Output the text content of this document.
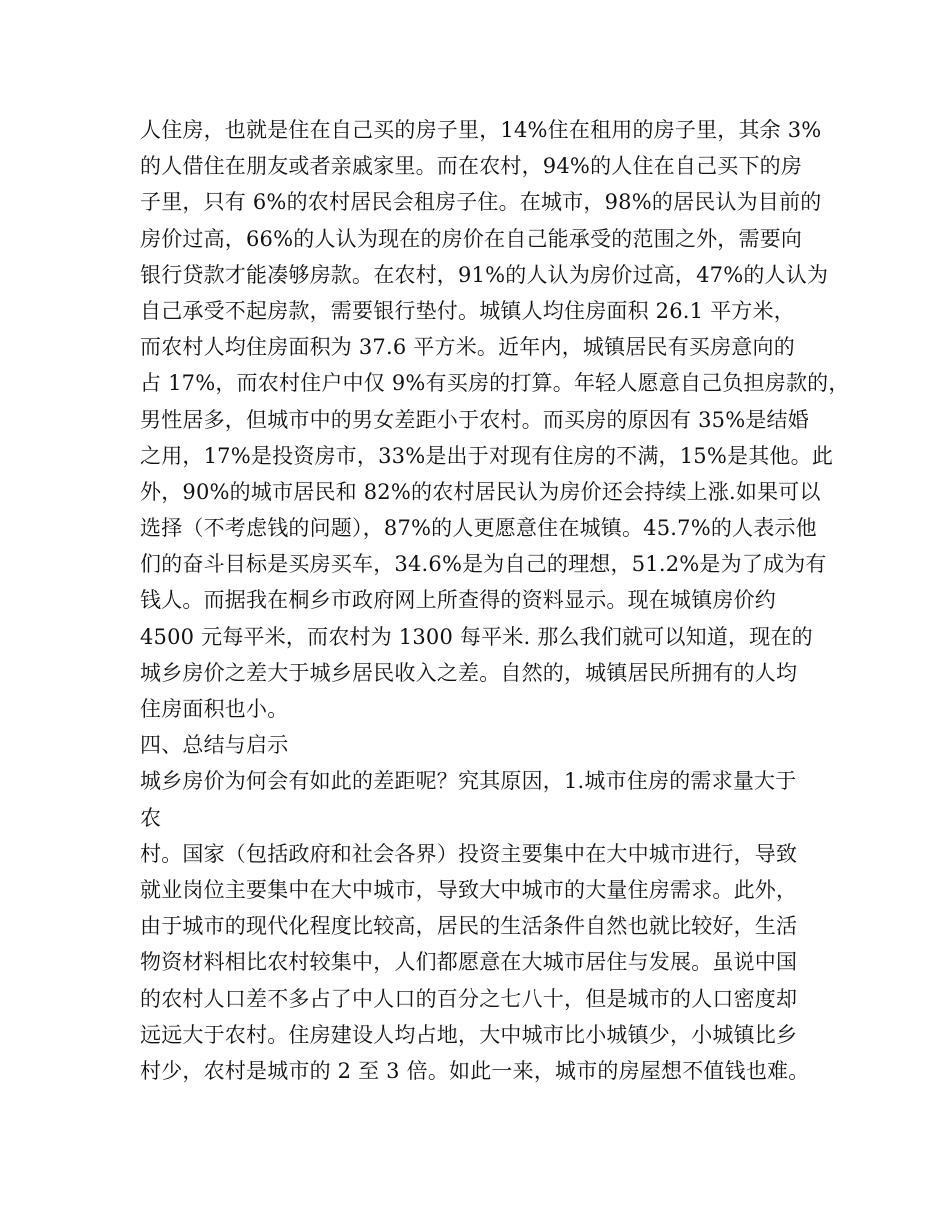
人住房，也就是住在自己买的房子里，14%住在租用的房子里，其余 3%
的人借住在朋友或者亲戚家里。而在农村，94%的人住在自己买下的房
子里，只有 6%的农村居民会租房子住。在城市，98%的居民认为目前的
房价过高，66%的人认为现在的房价在自己能承受的范围之外，需要向
银行贷款才能凑够房款。在农村，91%的人认为房价过高，47%的人认为
自己承受不起房款，需要银行垫付。城镇人均住房面积 26.1 平方米，
而农村人均住房面积为 37.6 平方米。近年内，城镇居民有买房意向的
占 17%，而农村住户中仅 9%有买房的打算。年轻人愿意自己负担房款的，
男性居多，但城市中的男女差距小于农村。而买房的原因有 35%是结婚
之用，17%是投资房市，33%是出于对现有住房的不满，15%是其他。此
外，90%的城市居民和 82%的农村居民认为房价还会持续上涨.如果可以
选择（不考虑钱的问题），87%的人更愿意住在城镇。45.7%的人表示他
们的奋斗目标是买房买车，34.6%是为自己的理想，51.2%是为了成为有
钱人。而据我在桐乡市政府网上所查得的资料显示。现在城镇房价约
4500 元每平米，而农村为 1300 每平米. 那么我们就可以知道，现在的
城乡房价之差大于城乡居民收入之差。自然的，城镇居民所拥有的人均
住房面积也小。
四、总结与启示
城乡房价为何会有如此的差距呢？究其原因，1.城市住房的需求量大于
农
村。国家（包括政府和社会各界）投资主要集中在大中城市进行，导致
就业岗位主要集中在大中城市，导致大中城市的大量住房需求。此外，
由于城市的现代化程度比较高，居民的生活条件自然也就比较好，生活
物资材料相比农村较集中，人们都愿意在大城市居住与发展。虽说中国
的农村人口差不多占了中人口的百分之七八十，但是城市的人口密度却
远远大于农村。住房建设人均占地，大中城市比小城镇少，小城镇比乡
村少，农村是城市的 2 至 3 倍。如此一来，城市的房屋想不值钱也难。
